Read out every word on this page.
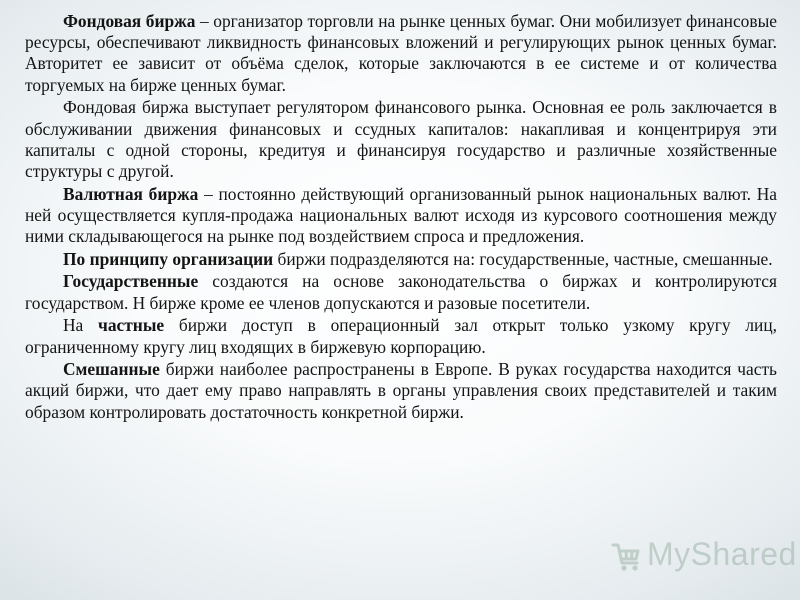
Фондовая биржа – организатор торговли на рынке ценных бумаг. Они мобилизует финансовые ресурсы, обеспечивают ликвидность финансовых вложений и регулирующих рынок ценных бумаг. Авторитет ее зависит от объёма сделок, которые заключаются в ее системе и от количества торгуемых на бирже ценных бумаг.

Фондовая биржа выступает регулятором финансового рынка. Основная ее роль заключается в обслуживании движения финансовых и ссудных капиталов: накапливая и концентрируя эти капиталы с одной стороны, кредитуя и финансируя государство и различные хозяйственные структуры с другой.

Валютная биржа – постоянно действующий организованный рынок национальных валют. На ней осуществляется купля-продажа национальных валют исходя из курсового соотношения между ними складывающегося на рынке под воздействием спроса и предложения.

По принципу организации биржи подразделяются на: государственные, частные, смешанные.

Государственные создаются на основе законодательства о биржах и контролируются государством. Н бирже кроме ее членов допускаются и разовые посетители.

На частные биржи доступ в операционный зал открыт только узкому кругу лиц, ограниченному кругу лиц входящих в биржевую корпорацию.

Смешанные биржи наиболее распространены в Европе. В руках государства находится часть акций биржи, что дает ему право направлять в органы управления своих представителей и таким образом контролировать достаточность конкретной биржи.

MyShared
